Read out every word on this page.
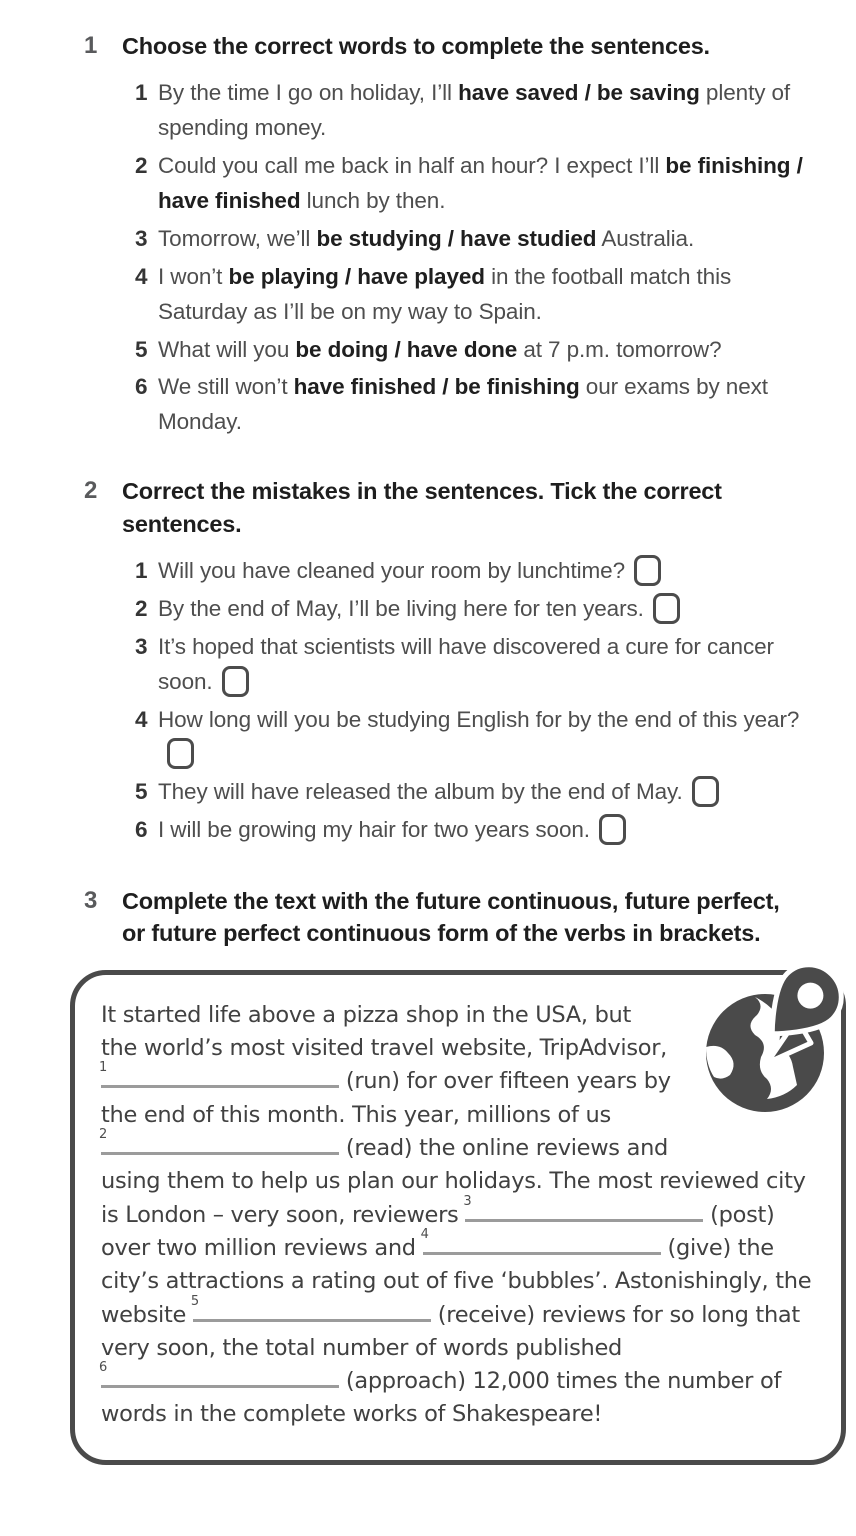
1	Choose the correct words to complete the sentences.
1 By the time I go on holiday, I’ll have saved / be saving plenty of spending money.
2 Could you call me back in half an hour? I expect I’ll be finishing / have finished lunch by then.
3 Tomorrow, we’ll be studying / have studied Australia.
4 I won’t be playing / have played in the football match this Saturday as I’ll be on my way to Spain.
5 What will you be doing / have done at 7 p.m. tomorrow?
6 We still won’t have finished / be finishing our exams by next Monday.
2	Correct the mistakes in the sentences. Tick the correct sentences.
1 Will you have cleaned your room by lunchtime?
2 By the end of May, I’ll be living here for ten years.
3 It’s hoped that scientists will have discovered a cure for cancer soon.
4 How long will you be studying English for by the end of this year?
5 They will have released the album by the end of May.
6 I will be growing my hair for two years soon.
3	Complete the text with the future continuous, future perfect, or future perfect continuous form of the verbs in brackets.
It started life above a pizza shop in the USA, but the world’s most visited travel website, TripAdvisor,
1
(run) for over fifteen years by the end of this month. This year, millions of us
2
(read) the online reviews and using them to help us plan our holidays. The most reviewed city is London – very soon, reviewers
3
(post) over two million reviews and
4
(give) the city’s attractions a rating out of five ‘bubbles’. Astonishingly, the website
5
(receive) reviews for so long that very soon, the total number of words published
6
(approach) 12,000 times the number of words in the complete works of Shakespeare!
